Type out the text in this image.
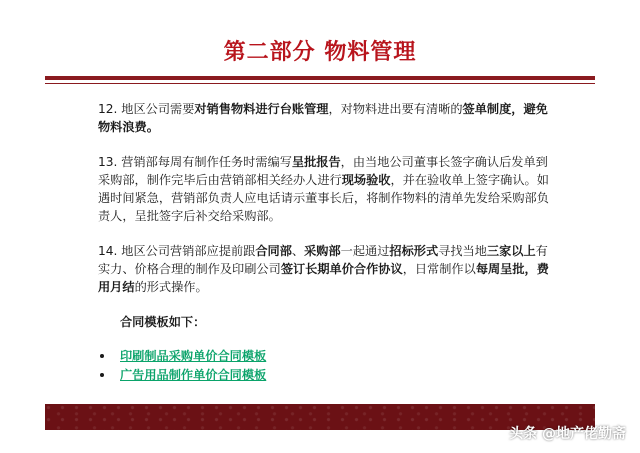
第二部分 物料管理

12. 地区公司需要对销售物料进行台账管理，对物料进出要有清晰的签单制度，避免物料浪费。

13. 营销部每周有制作任务时需编写呈批报告，由当地公司董事长签字确认后发单到采购部，制作完毕后由营销部相关经办人进行现场验收，并在验收单上签字确认。如遇时间紧急，营销部负责人应电话请示董事长后，将制作物料的清单先发给采购部负责人，呈批签字后补交给采购部。

14. 地区公司营销部应提前跟合同部、采购部一起通过招标形式寻找当地三家以上有实力、价格合理的制作及印刷公司签订长期单价合作协议，日常制作以每周呈批，费用月结的形式操作。

合同模板如下：
印刷制品采购单价合同模板
广告用品制作单价合同模板
头条 @地产佬勤斋
